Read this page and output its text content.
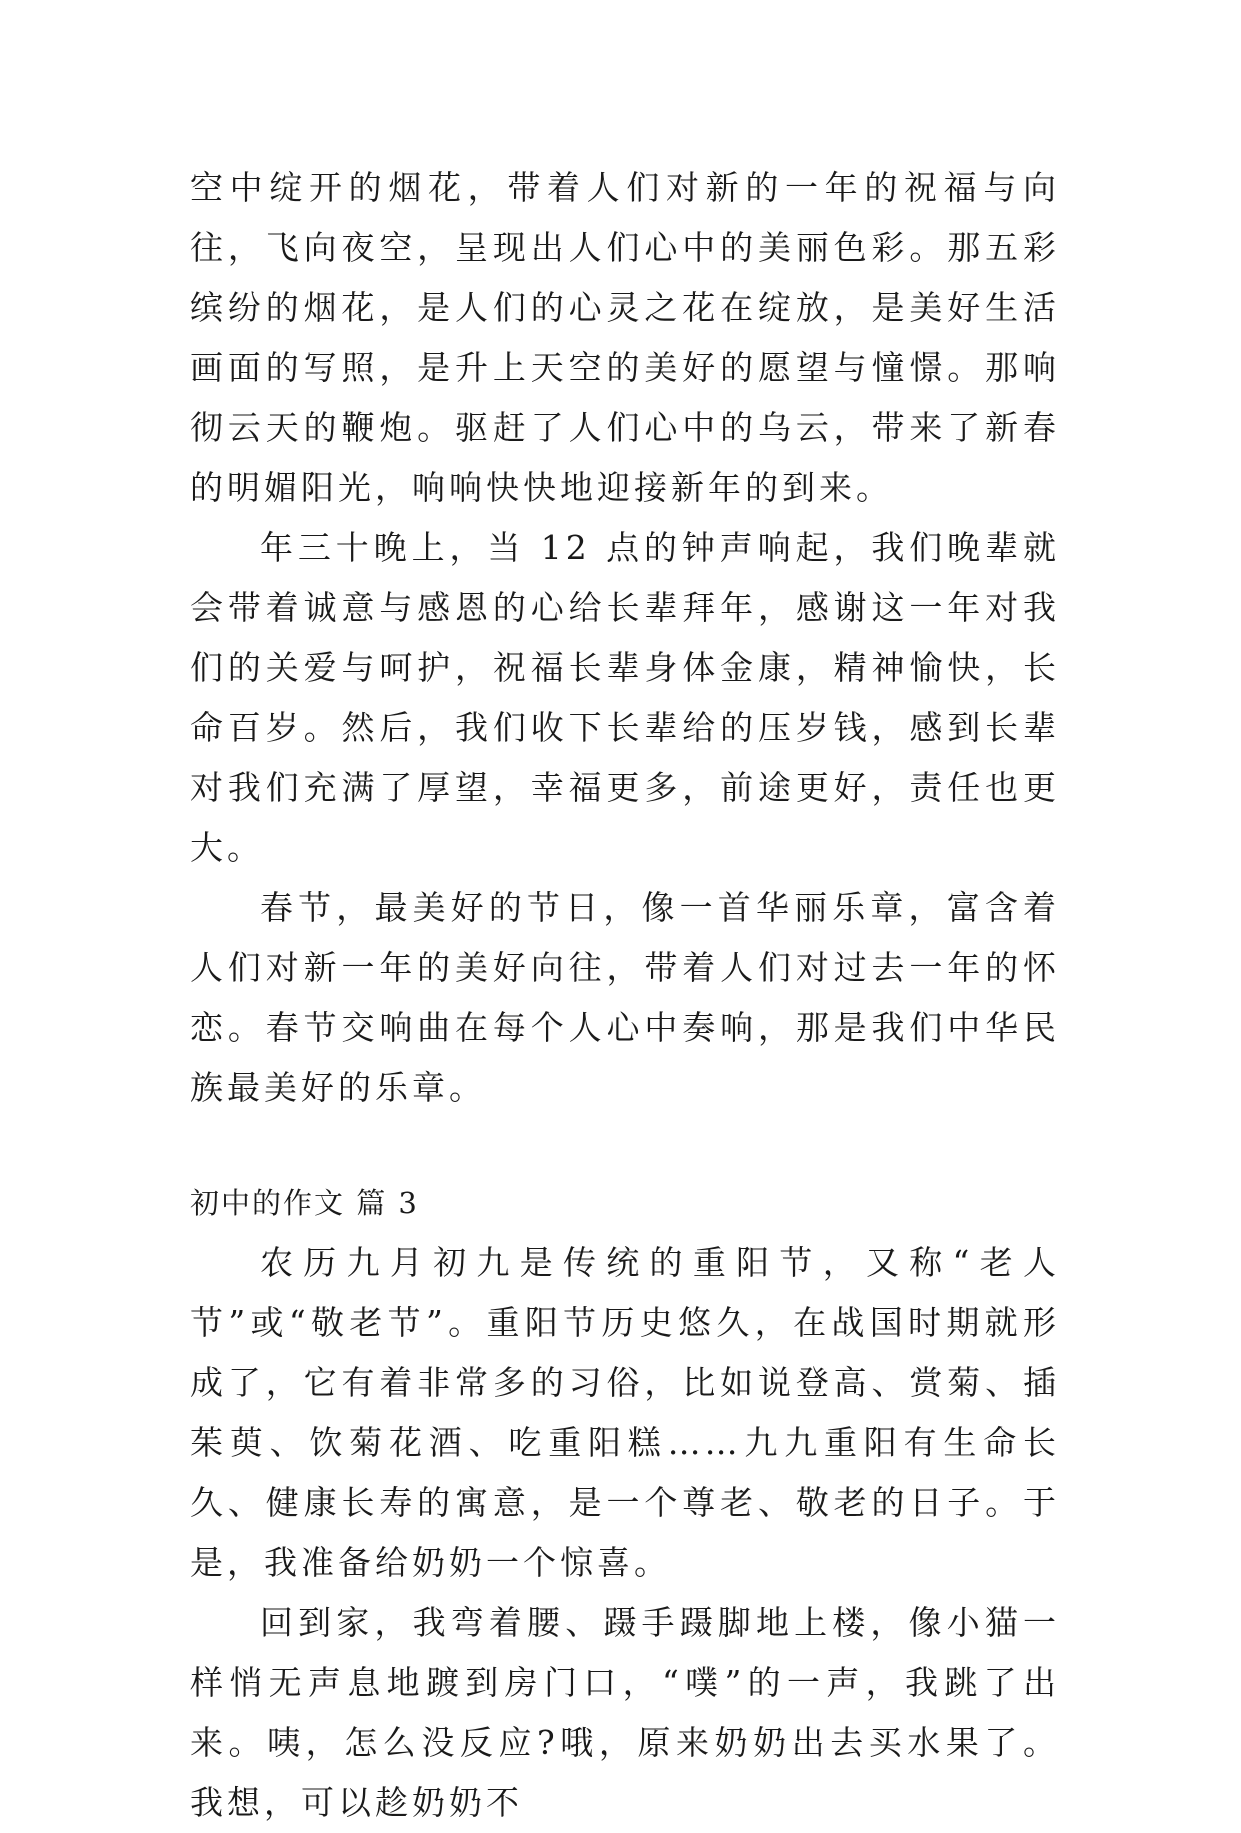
空中绽开的烟花，带着人们对新的一年的祝福与向往，飞向夜空，呈现出人们心中的美丽色彩。那五彩缤纷的烟花，是人们的心灵之花在绽放，是美好生活画面的写照，是升上天空的美好的愿望与憧憬。那响彻云天的鞭炮。驱赶了人们心中的乌云，带来了新春的明媚阳光，响响快快地迎接新年的到来。

年三十晚上，当 12 点的钟声响起，我们晚辈就会带着诚意与感恩的心给长辈拜年，感谢这一年对我们的关爱与呵护，祝福长辈身体金康，精神愉快，长命百岁。然后，我们收下长辈给的压岁钱，感到长辈对我们充满了厚望，幸福更多，前途更好，责任也更大。

春节，最美好的节日，像一首华丽乐章，富含着人们对新一年的美好向往，带着人们对过去一年的怀恋。春节交响曲在每个人心中奏响，那是我们中华民族最美好的乐章。

初中的作文 篇 3

农历九月初九是传统的重阳节，又称“老人节”或“敬老节”。重阳节历史悠久，在战国时期就形成了，它有着非常多的习俗，比如说登高、赏菊、插茱萸、饮菊花酒、吃重阳糕……九九重阳有生命长久、健康长寿的寓意，是一个尊老、敬老的日子。于是，我准备给奶奶一个惊喜。

回到家，我弯着腰、蹑手蹑脚地上楼，像小猫一样悄无声息地踱到房门口，“噗”的一声，我跳了出来。咦，怎么没反应?哦，原来奶奶出去买水果了。我想，可以趁奶奶不
